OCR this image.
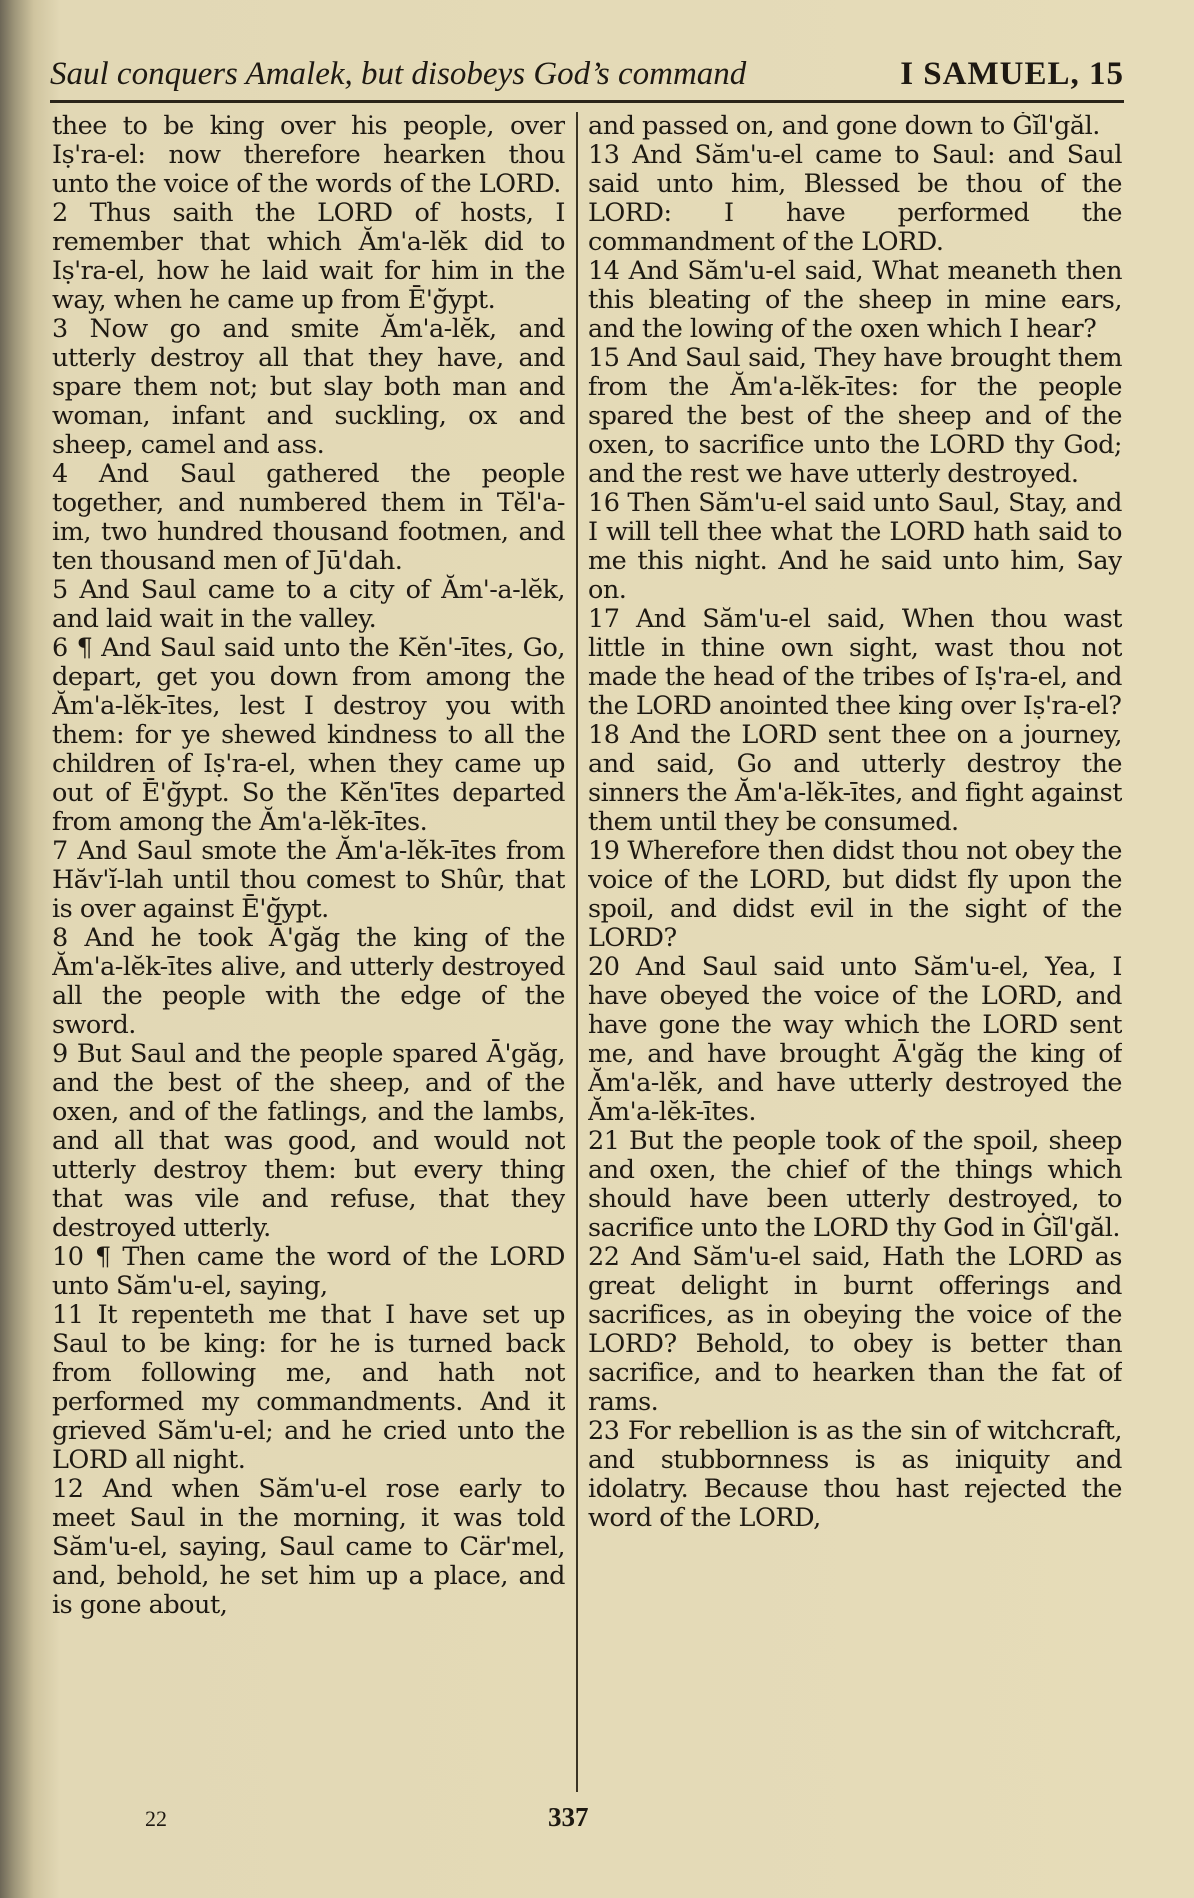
Saul conquers Amalek, but disobeys God’s command	I SAMUEL, 15

thee to be king over his people, over Iṣ'ra-el: now therefore hearken thou unto the voice of the words of the LORD.

2 Thus saith the LORD of hosts, I remember that which Ăm'a-lĕk did to Iṣ'ra-el, how he laid wait for him in the way, when he came up from Ē'ġ̆ypt.

3 Now go and smite Ăm'a-lĕk, and utterly destroy all that they have, and spare them not; but slay both man and woman, infant and suckling, ox and sheep, camel and ass.

4 And Saul gathered the people together, and numbered them in Tĕl'a-im, two hundred thousand footmen, and ten thousand men of Jū'dah.

5 And Saul came to a city of Ăm'-a-lĕk, and laid wait in the valley.

6 ¶ And Saul said unto the Kĕn'-ītes, Go, depart, get you down from among the Ăm'a-lĕk-ītes, lest I destroy you with them: for ye shewed kindness to all the children of Iṣ'ra-el, when they came up out of Ē'ġ̆ypt. So the Kĕn'ītes departed from among the Ăm'a-lĕk-ītes.

7 And Saul smote the Ăm'a-lĕk-ītes from Hăv'ĭ-lah until thou comest to Shûr, that is over against Ē'ġ̆ypt.

8 And he took Ā'găg the king of the Ăm'a-lĕk-ītes alive, and utterly destroyed all the people with the edge of the sword.

9 But Saul and the people spared Ā'găg, and the best of the sheep, and of the oxen, and of the fatlings, and the lambs, and all that was good, and would not utterly destroy them: but every thing that was vile and refuse, that they destroyed utterly.

10 ¶ Then came the word of the LORD unto Săm'u-el, saying,

11 It repenteth me that I have set up Saul to be king: for he is turned back from following me, and hath not performed my commandments. And it grieved Săm'u-el; and he cried unto the LORD all night.

12 And when Săm'u-el rose early to meet Saul in the morning, it was told Săm'u-el, saying, Saul came to Cär'mel, and, behold, he set him up a place, and is gone about,

and passed on, and gone down to Ġĭl'găl.

13 And Săm'u-el came to Saul: and Saul said unto him, Blessed be thou of the LORD: I have performed the commandment of the LORD.

14 And Săm'u-el said, What meaneth then this bleating of the sheep in mine ears, and the lowing of the oxen which I hear?

15 And Saul said, They have brought them from the Ăm'a-lĕk-ītes: for the people spared the best of the sheep and of the oxen, to sacrifice unto the LORD thy God; and the rest we have utterly destroyed.

16 Then Săm'u-el said unto Saul, Stay, and I will tell thee what the LORD hath said to me this night. And he said unto him, Say on.

17 And Săm'u-el said, When thou wast little in thine own sight, wast thou not made the head of the tribes of Iṣ'ra-el, and the LORD anointed thee king over Iṣ'ra-el?

18 And the LORD sent thee on a journey, and said, Go and utterly destroy the sinners the Ăm'a-lĕk-ītes, and fight against them until they be consumed.

19 Wherefore then didst thou not obey the voice of the LORD, but didst fly upon the spoil, and didst evil in the sight of the LORD?

20 And Saul said unto Săm'u-el, Yea, I have obeyed the voice of the LORD, and have gone the way which the LORD sent me, and have brought Ā'găg the king of Ăm'a-lĕk, and have utterly destroyed the Ăm'a-lĕk-ītes.

21 But the people took of the spoil, sheep and oxen, the chief of the things which should have been utterly destroyed, to sacrifice unto the LORD thy God in Ġĭl'găl.

22 And Săm'u-el said, Hath the LORD as great delight in burnt offerings and sacrifices, as in obeying the voice of the LORD? Behold, to obey is better than sacrifice, and to hearken than the fat of rams.

23 For rebellion is as the sin of witchcraft, and stubbornness is as iniquity and idolatry. Because thou hast rejected the word of the LORD,

22	337
